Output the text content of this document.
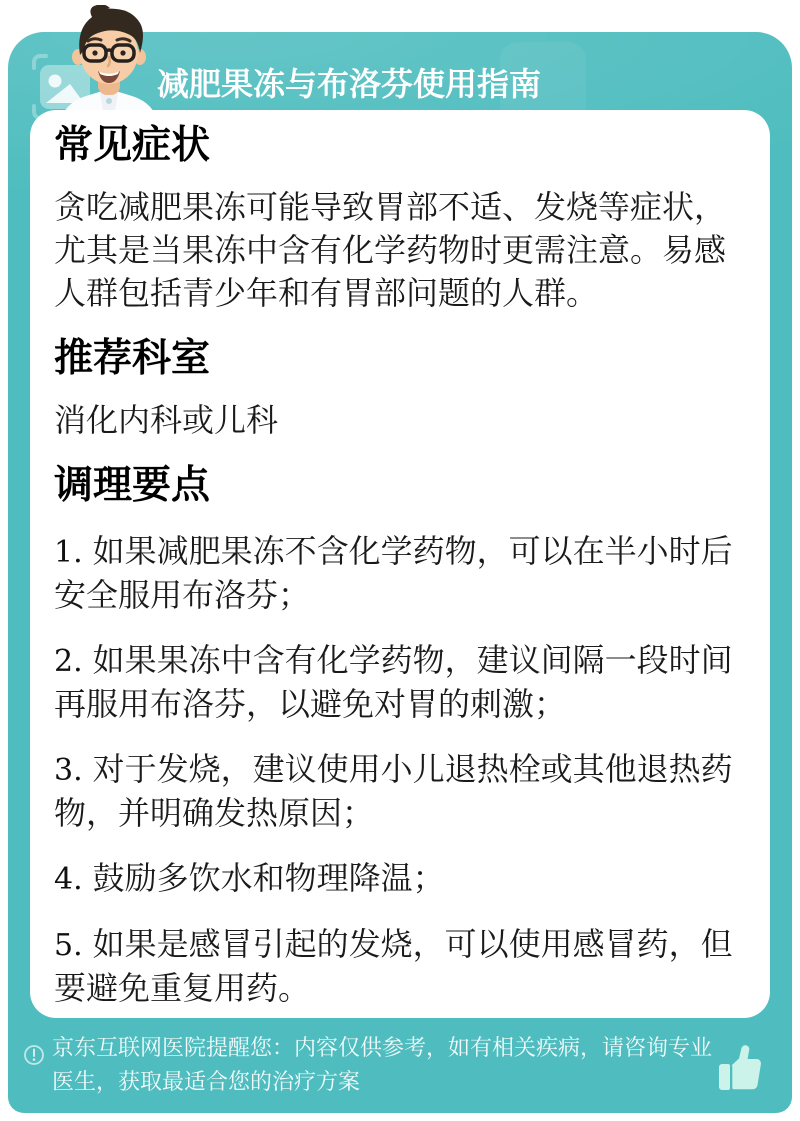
减肥果冻与布洛芬使用指南
常见症状

贪吃减肥果冻可能导致胃部不适、发烧等症状，尤其是当果冻中含有化学药物时更需注意。易感人群包括青少年和有胃部问题的人群。

推荐科室

消化内科或儿科

调理要点

1. 如果减肥果冻不含化学药物，可以在半小时后安全服用布洛芬；

2. 如果果冻中含有化学药物，建议间隔一段时间再服用布洛芬，以避免对胃的刺激；

3. 对于发烧，建议使用小儿退热栓或其他退热药物，并明确发热原因；

4. 鼓励多饮水和物理降温；

5. 如果是感冒引起的发烧，可以使用感冒药，但要避免重复用药。

京东互联网医院提醒您：内容仅供参考，如有相关疾病，请咨询专业医生，获取最适合您的治疗方案
